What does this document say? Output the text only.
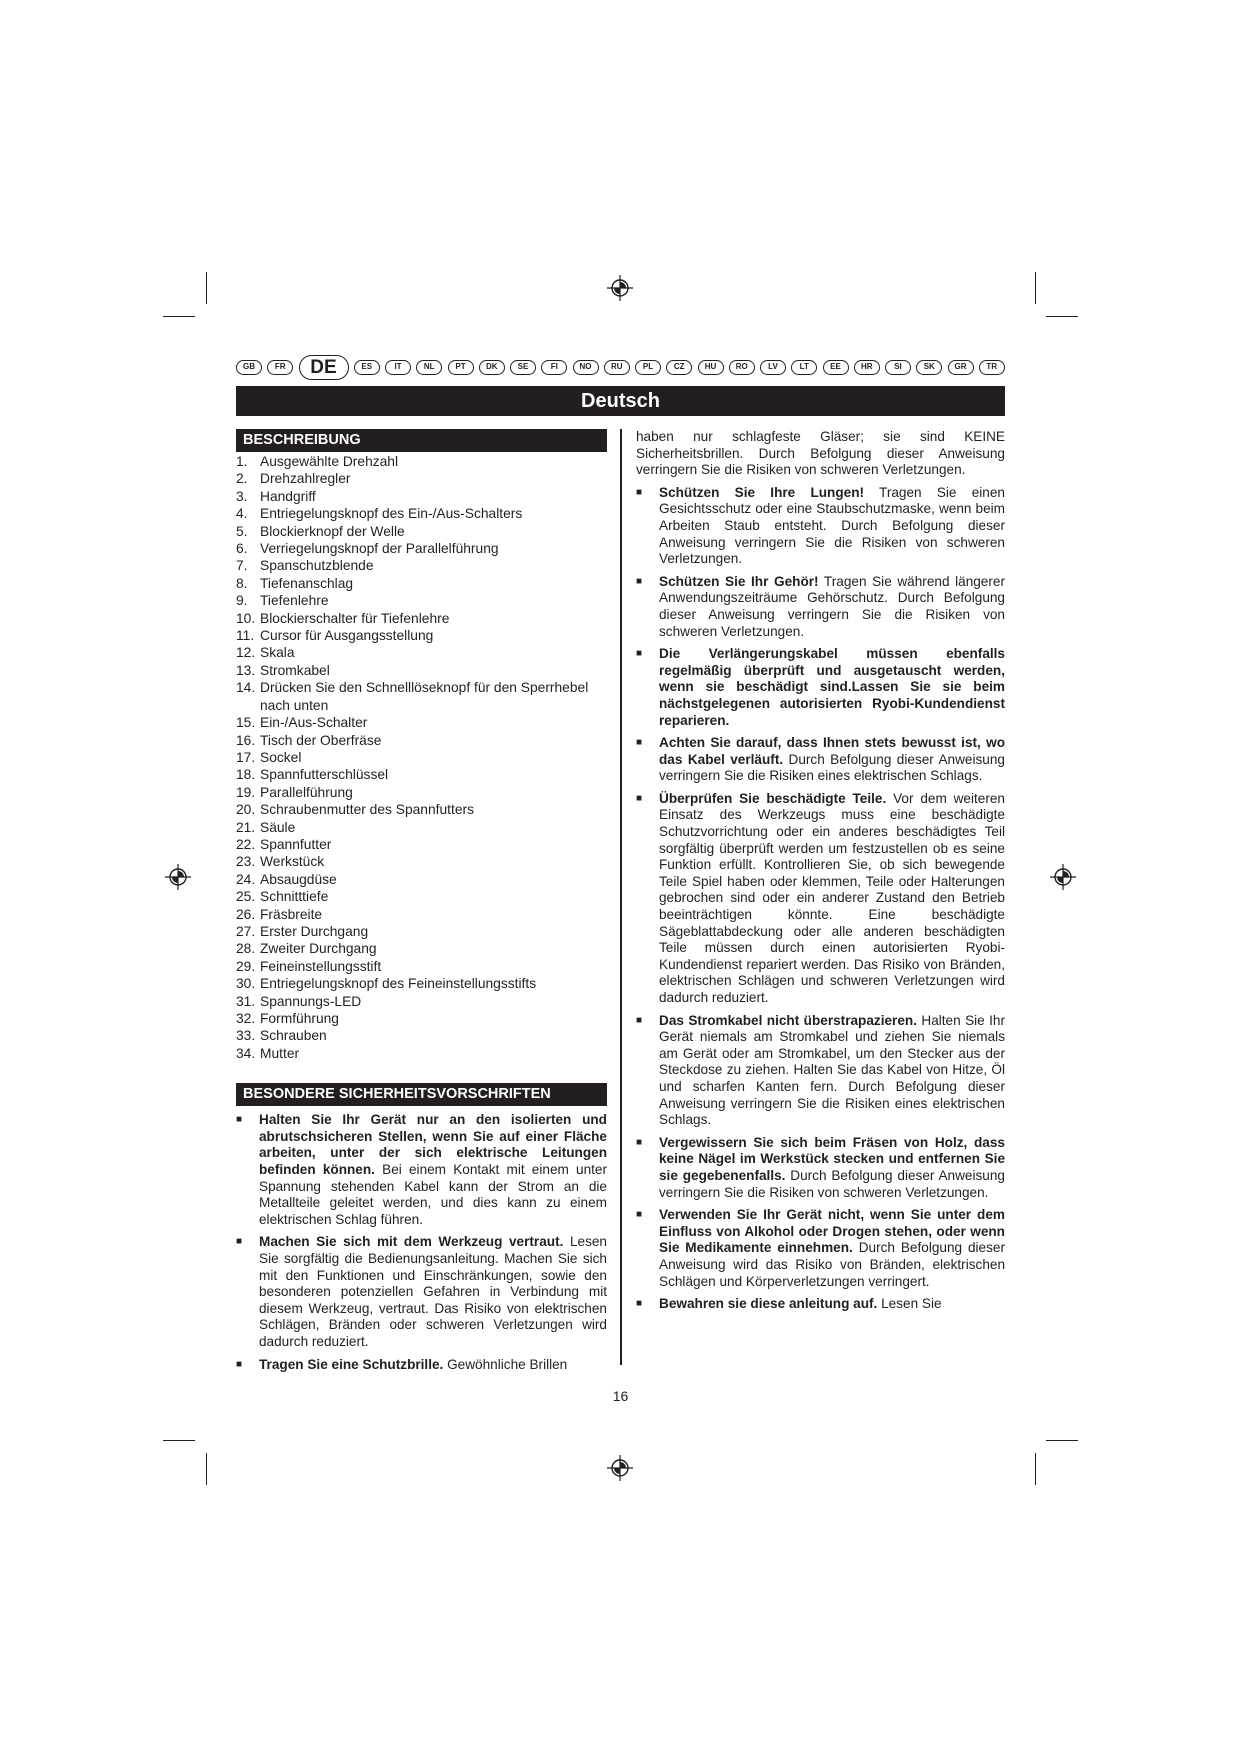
GB	FR	DE	ES	IT	NL	PT	DK	SE	FI	NO	RU	PL	CZ	HU	RO	LV	LT	EE	HR	SI	SK	GR	TR
Deutsch
BESCHREIBUNG
1. Ausgewählte Drehzahl
2. Drehzahlregler
3. Handgriff
4. Entriegelungsknopf des Ein-/Aus-Schalters
5. Blockierknopf der Welle
6. Verriegelungsknopf der Parallelführung
7. Spanschutzblende
8. Tiefenanschlag
9. Tiefenlehre
10. Blockierschalter für Tiefenlehre
11. Cursor für Ausgangsstellung
12. Skala
13. Stromkabel
14. Drücken Sie den Schnelllöseknopf für den Sperrhebel nach unten
15. Ein-/Aus-Schalter
16. Tisch der Oberfräse
17. Sockel
18. Spannfutterschlüssel
19. Parallelführung
20. Schraubenmutter des Spannfutters
21. Säule
22. Spannfutter
23. Werkstück
24. Absaugdüse
25. Schnitttiefe
26. Fräsbreite
27. Erster Durchgang
28. Zweiter Durchgang
29. Feineinstellungsstift
30. Entriegelungsknopf des Feineinstellungsstifts
31. Spannungs-LED
32. Formführung
33. Schrauben
34. Mutter
BESONDERE SICHERHEITSVORSCHRIFTEN
■	Halten Sie Ihr Gerät nur an den isolierten und abrutschsicheren Stellen, wenn Sie auf einer Fläche arbeiten, unter der sich elektrische Leitungen befinden können. Bei einem Kontakt mit einem unter Spannung stehenden Kabel kann der Strom an die Metallteile geleitet werden, und dies kann zu einem elektrischen Schlag führen.
■	Machen Sie sich mit dem Werkzeug vertraut. Lesen Sie sorgfältig die Bedienungsanleitung. Machen Sie sich mit den Funktionen und Einschränkungen, sowie den besonderen potenziellen Gefahren in Verbindung mit diesem Werkzeug, vertraut. Das Risiko von elektrischen Schlägen, Bränden oder schweren Verletzungen wird dadurch reduziert.
■	Tragen Sie eine Schutzbrille. Gewöhnliche Brillen
haben nur schlagfeste Gläser; sie sind KEINE Sicherheitsbrillen. Durch Befolgung dieser Anweisung verringern Sie die Risiken von schweren Verletzungen.
■	Schützen Sie Ihre Lungen! Tragen Sie einen Gesichtsschutz oder eine Staubschutzmaske, wenn beim Arbeiten Staub entsteht. Durch Befolgung dieser Anweisung verringern Sie die Risiken von schweren Verletzungen.
■	Schützen Sie Ihr Gehör! Tragen Sie während längerer Anwendungszeiträume Gehörschutz. Durch Befolgung dieser Anweisung verringern Sie die Risiken von schweren Verletzungen.
■	Die Verlängerungskabel müssen ebenfalls regelmäßig überprüft und ausgetauscht werden, wenn sie beschädigt sind.Lassen Sie sie beim nächstgelegenen autorisierten Ryobi-Kundendienst reparieren.
■	Achten Sie darauf, dass Ihnen stets bewusst ist, wo das Kabel verläuft. Durch Befolgung dieser Anweisung verringern Sie die Risiken eines elektrischen Schlags.
■	Überprüfen Sie beschädigte Teile. Vor dem weiteren Einsatz des Werkzeugs muss eine beschädigte Schutzvorrichtung oder ein anderes beschädigtes Teil sorgfältig überprüft werden um festzustellen ob es seine Funktion erfüllt. Kontrollieren Sie, ob sich bewegende Teile Spiel haben oder klemmen, Teile oder Halterungen gebrochen sind oder ein anderer Zustand den Betrieb beeinträchtigen könnte. Eine beschädigte Sägeblattabdeckung oder alle anderen beschädigten Teile müssen durch einen autorisierten Ryobi-Kundendienst repariert werden. Das Risiko von Bränden, elektrischen Schlägen und schweren Verletzungen wird dadurch reduziert.
■	Das Stromkabel nicht überstrapazieren. Halten Sie Ihr Gerät niemals am Stromkabel und ziehen Sie niemals am Gerät oder am Stromkabel, um den Stecker aus der Steckdose zu ziehen. Halten Sie das Kabel von Hitze, Öl und scharfen Kanten fern. Durch Befolgung dieser Anweisung verringern Sie die Risiken eines elektrischen Schlags.
■	Vergewissern Sie sich beim Fräsen von Holz, dass keine Nägel im Werkstück stecken und entfernen Sie sie gegebenenfalls. Durch Befolgung dieser Anweisung verringern Sie die Risiken von schweren Verletzungen.
■	Verwenden Sie Ihr Gerät nicht, wenn Sie unter dem Einfluss von Alkohol oder Drogen stehen, oder wenn Sie Medikamente einnehmen. Durch Befolgung dieser Anweisung wird das Risiko von Bränden, elektrischen Schlägen und Körperverletzungen verringert.
■	Bewahren sie diese anleitung auf. Lesen Sie
16
